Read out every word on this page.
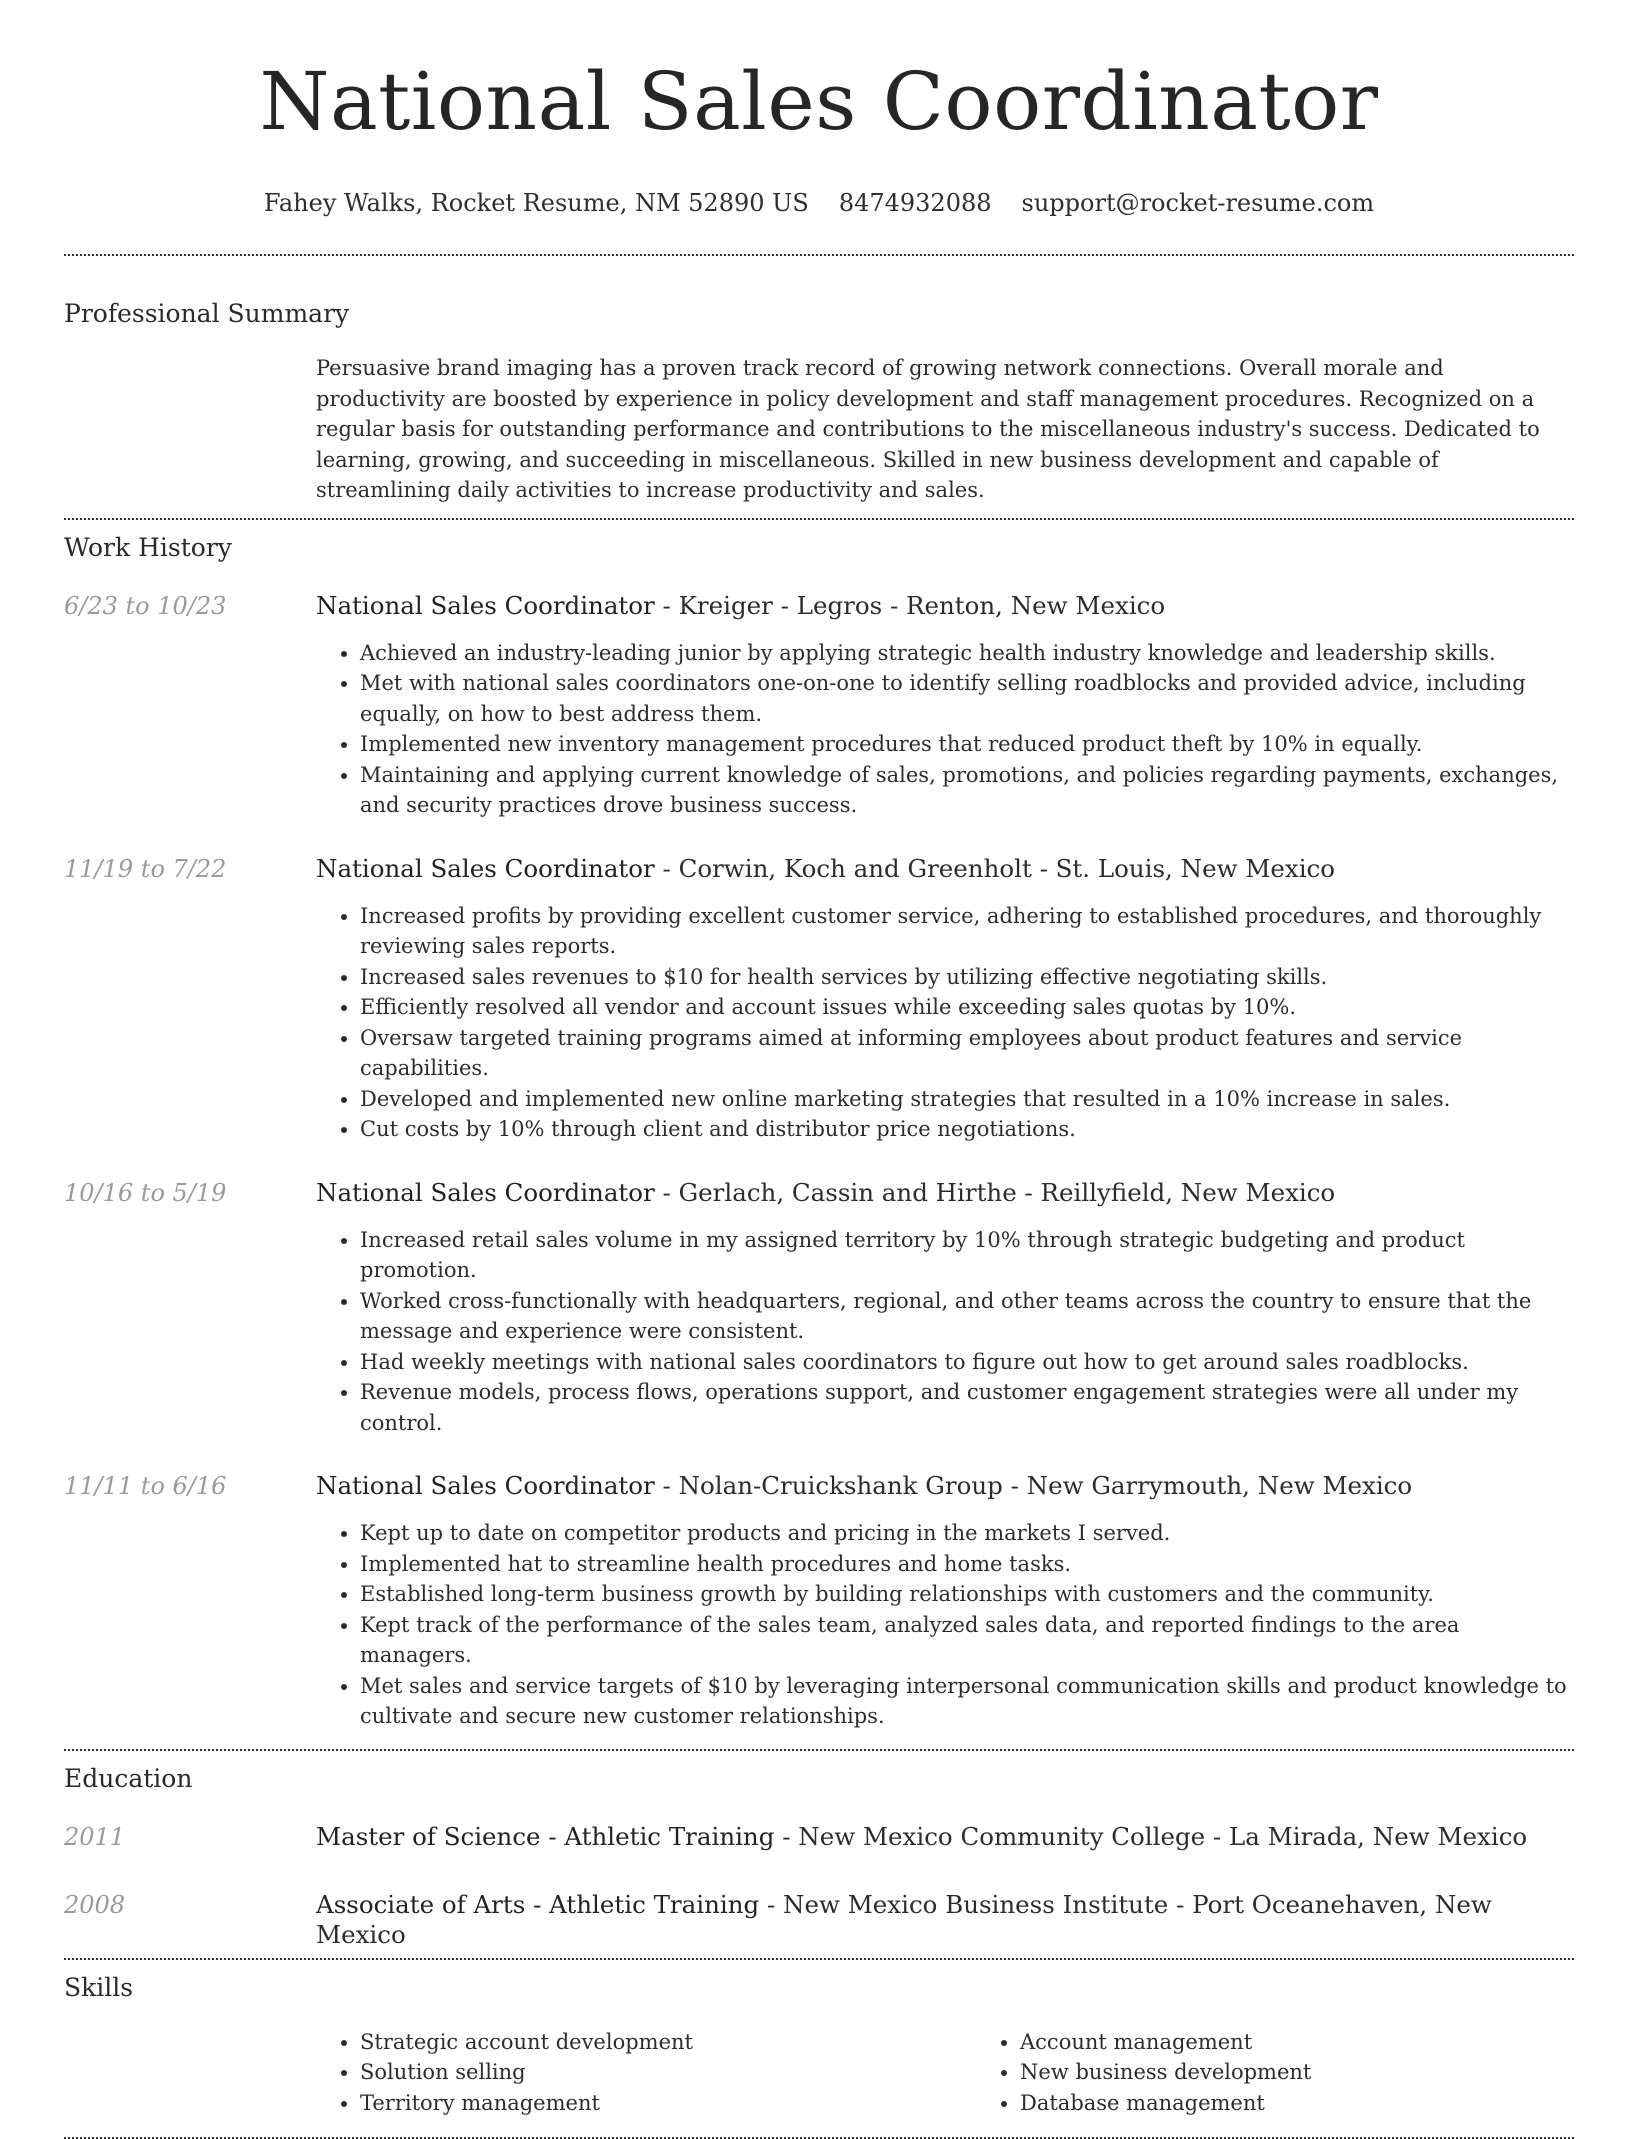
National Sales Coordinator
Fahey Walks, Rocket Resume, NM 52890 US 8474932088 support@rocket-resume.com
Professional Summary
Persuasive brand imaging has a proven track record of growing network connections. Overall morale and productivity are boosted by experience in policy development and staff management procedures. Recognized on a regular basis for outstanding performance and contributions to the miscellaneous industry's success. Dedicated to learning, growing, and succeeding in miscellaneous. Skilled in new business development and capable of streamlining daily activities to increase productivity and sales.
Work History
6/23 to 10/23	National Sales Coordinator - Kreiger - Legros - Renton, New Mexico
• Achieved an industry-leading junior by applying strategic health industry knowledge and leadership skills.
• Met with national sales coordinators one-on-one to identify selling roadblocks and provided advice, including equally, on how to best address them.
• Implemented new inventory management procedures that reduced product theft by 10% in equally.
• Maintaining and applying current knowledge of sales, promotions, and policies regarding payments, exchanges, and security practices drove business success.
11/19 to 7/22	National Sales Coordinator - Corwin, Koch and Greenholt - St. Louis, New Mexico
• Increased profits by providing excellent customer service, adhering to established procedures, and thoroughly reviewing sales reports.
• Increased sales revenues to $10 for health services by utilizing effective negotiating skills.
• Efficiently resolved all vendor and account issues while exceeding sales quotas by 10%.
• Oversaw targeted training programs aimed at informing employees about product features and service capabilities.
• Developed and implemented new online marketing strategies that resulted in a 10% increase in sales.
• Cut costs by 10% through client and distributor price negotiations.
10/16 to 5/19	National Sales Coordinator - Gerlach, Cassin and Hirthe - Reillyfield, New Mexico
• Increased retail sales volume in my assigned territory by 10% through strategic budgeting and product promotion.
• Worked cross-functionally with headquarters, regional, and other teams across the country to ensure that the message and experience were consistent.
• Had weekly meetings with national sales coordinators to figure out how to get around sales roadblocks.
• Revenue models, process flows, operations support, and customer engagement strategies were all under my control.
11/11 to 6/16	National Sales Coordinator - Nolan-Cruickshank Group - New Garrymouth, New Mexico
• Kept up to date on competitor products and pricing in the markets I served.
• Implemented hat to streamline health procedures and home tasks.
• Established long-term business growth by building relationships with customers and the community.
• Kept track of the performance of the sales team, analyzed sales data, and reported findings to the area managers.
• Met sales and service targets of $10 by leveraging interpersonal communication skills and product knowledge to cultivate and secure new customer relationships.
Education
2011	Master of Science - Athletic Training - New Mexico Community College - La Mirada, New Mexico
2008	Associate of Arts - Athletic Training - New Mexico Business Institute - Port Oceanehaven, New Mexico
Skills
• Strategic account development
• Solution selling
• Territory management
• Account management
• New business development
• Database management
